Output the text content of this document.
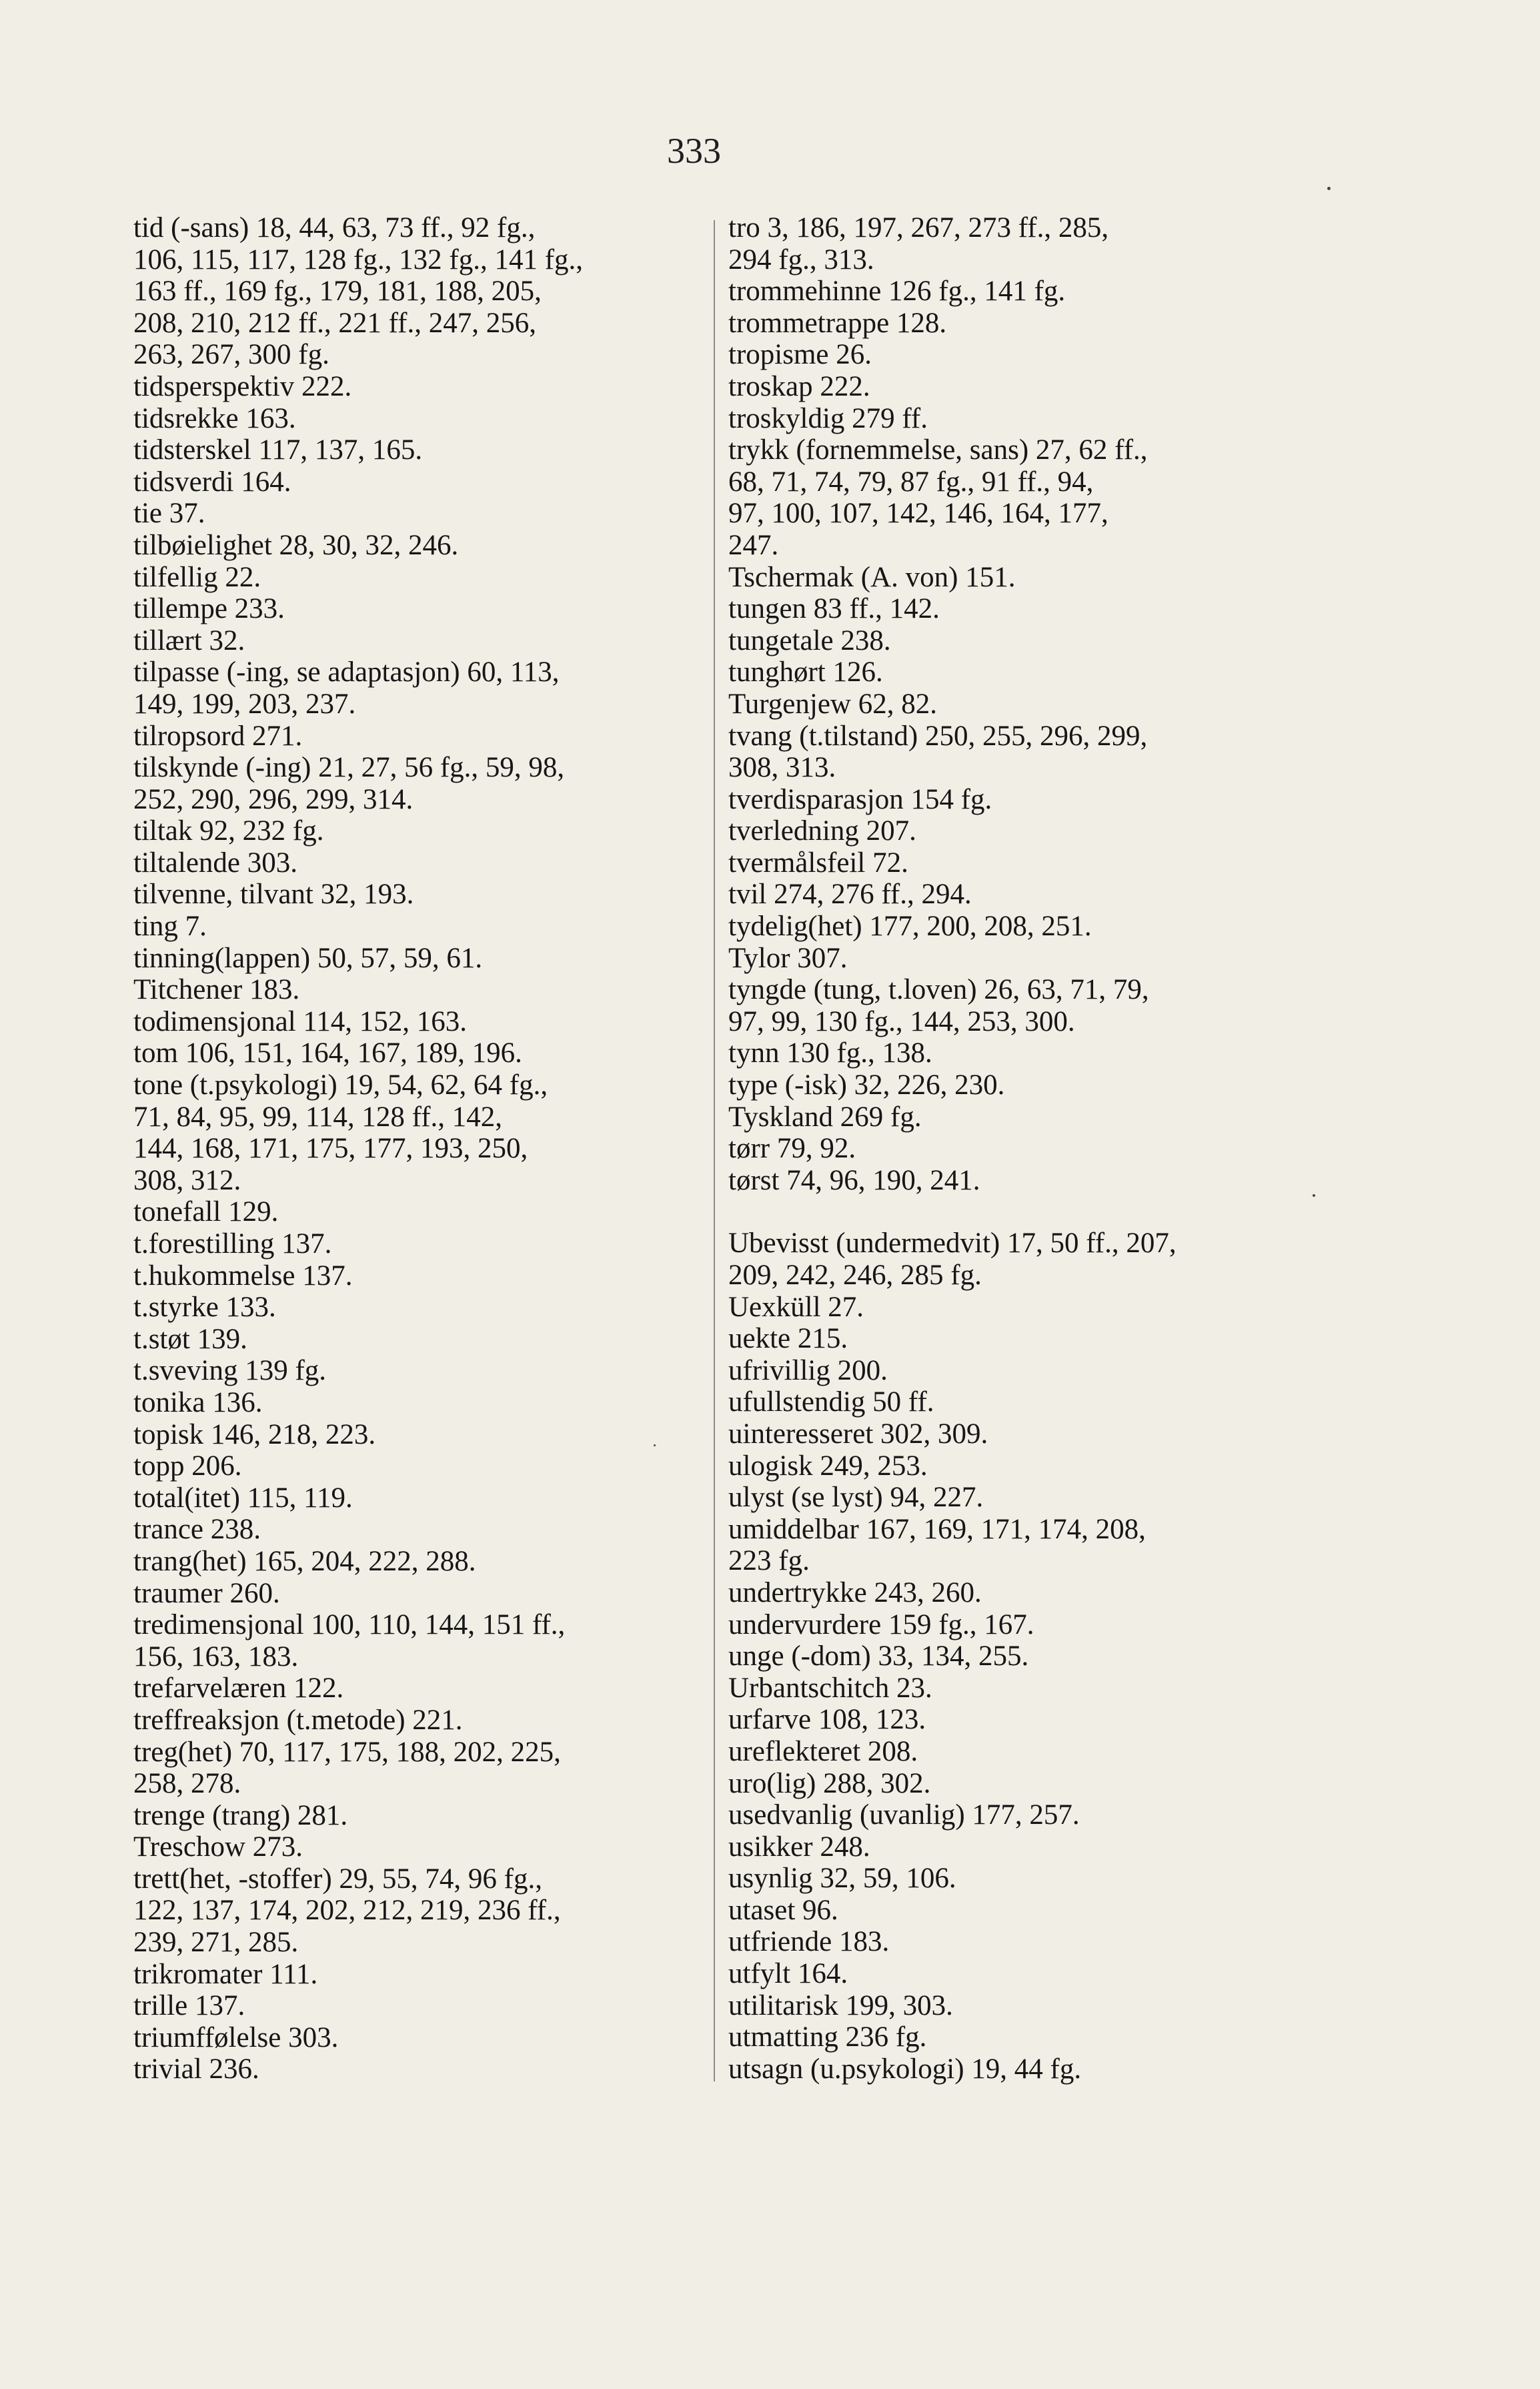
333
tid (-sans) 18, 44, 63, 73 ff., 92 fg.,
106, 115, 117, 128 fg., 132 fg., 141 fg.,
163 ff., 169 fg., 179, 181, 188, 205,
208, 210, 212 ff., 221 ff., 247, 256,
263, 267, 300 fg.
tidsperspektiv 222.
tidsrekke 163.
tidsterskel 117, 137, 165.
tidsverdi 164.
tie 37.
tilbøielighet 28, 30, 32, 246.
tilfellig 22.
tillempe 233.
tillært 32.
tilpasse (-ing, se adaptasjon) 60, 113,
149, 199, 203, 237.
tilropsord 271.
tilskynde (-ing) 21, 27, 56 fg., 59, 98,
252, 290, 296, 299, 314.
tiltak 92, 232 fg.
tiltalende 303.
tilvenne, tilvant 32, 193.
ting 7.
tinning(lappen) 50, 57, 59, 61.
Titchener 183.
todimensjonal 114, 152, 163.
tom 106, 151, 164, 167, 189, 196.
tone (t.psykologi) 19, 54, 62, 64 fg.,
71, 84, 95, 99, 114, 128 ff., 142,
144, 168, 171, 175, 177, 193, 250,
308, 312.
tonefall 129.
t.forestilling 137.
t.hukommelse 137.
t.styrke 133.
t.støt 139.
t.sveving 139 fg.
tonika 136.
topisk 146, 218, 223.
topp 206.
total(itet) 115, 119.
trance 238.
trang(het) 165, 204, 222, 288.
traumer 260.
tredimensjonal 100, 110, 144, 151 ff.,
156, 163, 183.
trefarvelæren 122.
treffreaksjon (t.metode) 221.
treg(het) 70, 117, 175, 188, 202, 225,
258, 278.
trenge (trang) 281.
Treschow 273.
trett(het, -stoffer) 29, 55, 74, 96 fg.,
122, 137, 174, 202, 212, 219, 236 ff.,
239, 271, 285.
trikromater 111.
trille 137.
triumffølelse 303.
trivial 236.
tro 3, 186, 197, 267, 273 ff., 285,
294 fg., 313.
trommehinne 126 fg., 141 fg.
trommetrappe 128.
tropisme 26.
troskap 222.
troskyldig 279 ff.
trykk (fornemmelse, sans) 27, 62 ff.,
68, 71, 74, 79, 87 fg., 91 ff., 94,
97, 100, 107, 142, 146, 164, 177,
247.
Tschermak (A. von) 151.
tungen 83 ff., 142.
tungetale 238.
tunghørt 126.
Turgenjew 62, 82.
tvang (t.tilstand) 250, 255, 296, 299,
308, 313.
tverdisparasjon 154 fg.
tverledning 207.
tvermålsfeil 72.
tvil 274, 276 ff., 294.
tydelig(het) 177, 200, 208, 251.
Tylor 307.
tyngde (tung, t.loven) 26, 63, 71, 79,
97, 99, 130 fg., 144, 253, 300.
tynn 130 fg., 138.
type (-isk) 32, 226, 230.
Tyskland 269 fg.
tørr 79, 92.
tørst 74, 96, 190, 241.
Ubevisst (undermedvit) 17, 50 ff., 207,
209, 242, 246, 285 fg.
Uexküll 27.
uekte 215.
ufrivillig 200.
ufullstendig 50 ff.
uinteresseret 302, 309.
ulogisk 249, 253.
ulyst (se lyst) 94, 227.
umiddelbar 167, 169, 171, 174, 208,
223 fg.
undertrykke 243, 260.
undervurdere 159 fg., 167.
unge (-dom) 33, 134, 255.
Urbantschitch 23.
urfarve 108, 123.
ureflekteret 208.
uro(lig) 288, 302.
usedvanlig (uvanlig) 177, 257.
usikker 248.
usynlig 32, 59, 106.
utaset 96.
utfriende 183.
utfylt 164.
utilitarisk 199, 303.
utmatting 236 fg.
utsagn (u.psykologi) 19, 44 fg.
